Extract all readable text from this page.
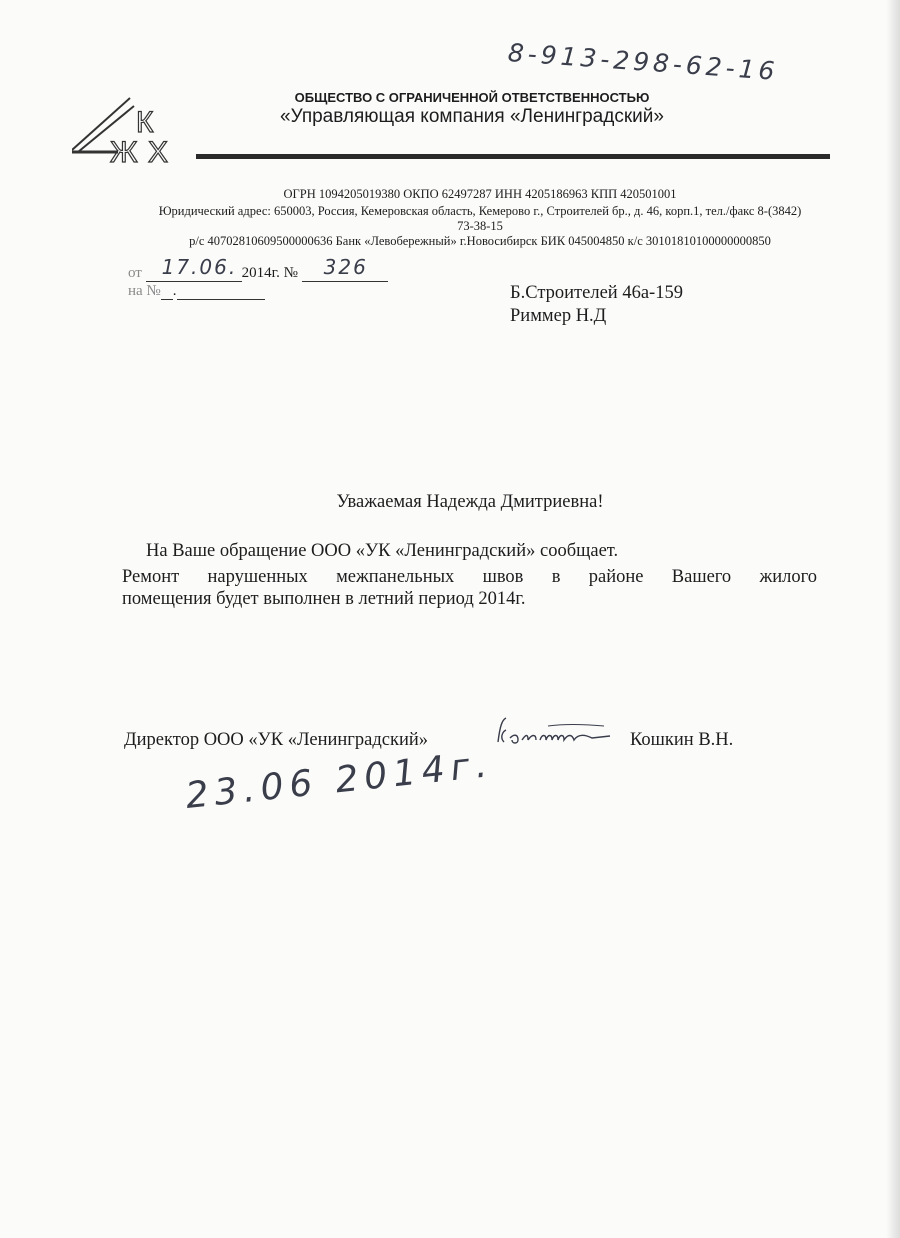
8-913-298-62-16
К
Ж Х
ОБЩЕСТВО С ОГРАНИЧЕННОЙ ОТВЕТСТВЕННОСТЬЮ
«Управляющая компания «Ленинградский»
ОГРН 1094205019380 ОКПО 62497287 ИНН 4205186963 КПП 420501001
Юридический адрес: 650003, Россия, Кемеровская область, Кемерово г., Строителей бр., д. 46, корп.1, тел./факс 8-(3842)
73-38-15
р/с 40702810609500000636 Банк «Левобережный» г.Новосибирск БИК 045004850 к/с 30101810100000000850
от 17.06. 2014г. № 326
на № .	Б.Строителей 46а-159
Риммер Н.Д
Уважаемая Надежда Дмитриевна!
На Ваше обращение ООО «УК «Ленинградский» сообщает.
Ремонт нарушенных межпанельных швов в районе Вашего жилого
помещения будет выполнен в летний период 2014г.
Директор ООО «УК «Ленинградский»	Кошкин В.Н.
23.06 2014г.
